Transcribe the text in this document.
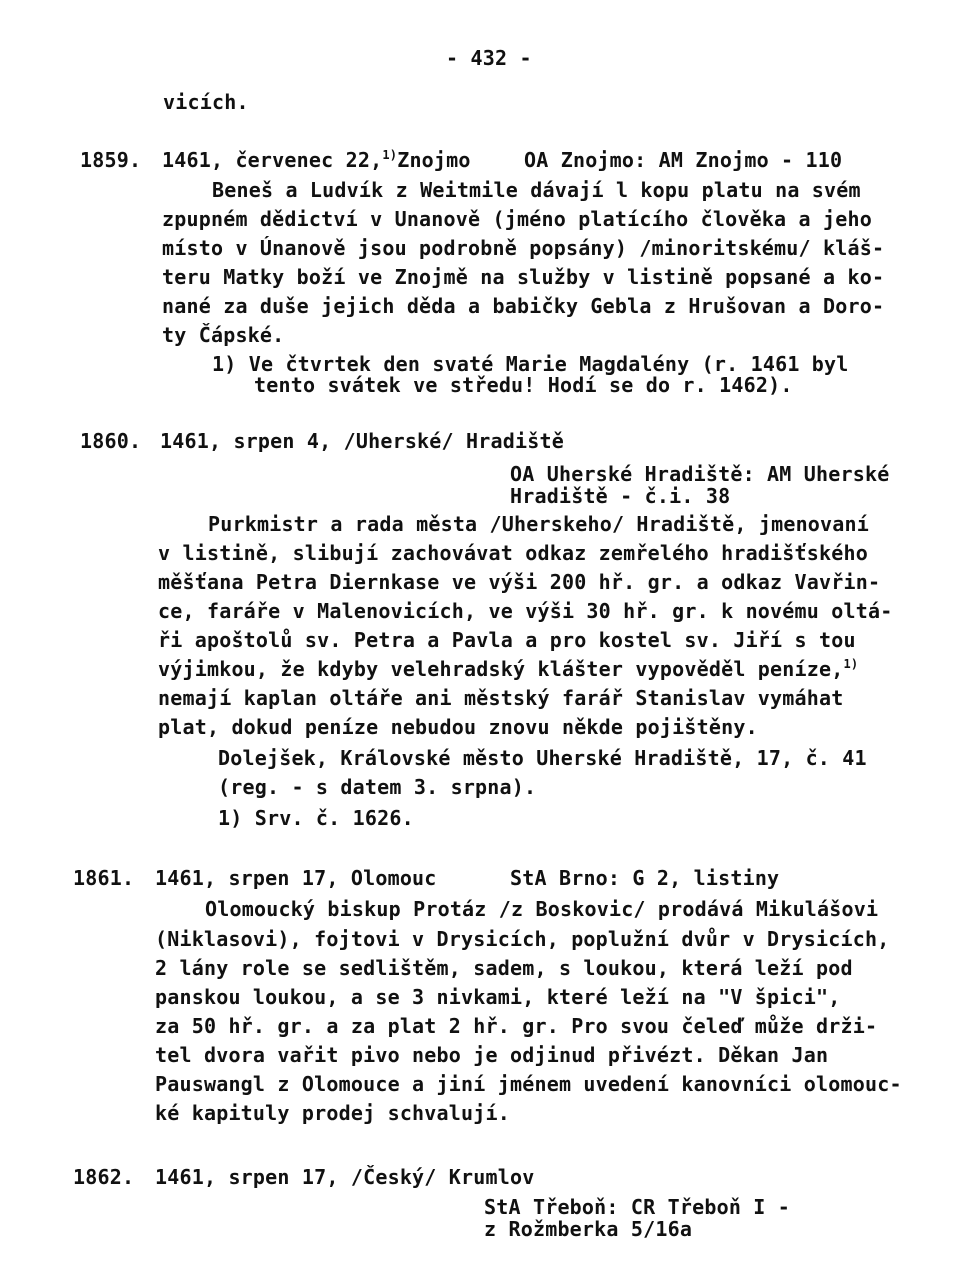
- 432 -
vicích.
1859. 1461, červenec 22,$^{1)}$Znojmo	OA Znojmo: AM Znojmo - 110
Beneš a Ludvík z Weitmile dávají l kopu platu na svém
zpupném dědictví v Unanově (jméno platícího člověka a jeho
místo v Únanově jsou podrobně popsány) /minoritskému/ kláš-
teru Matky boží ve Znojmě na služby v listině popsané a ko-
nané za duše jejich děda a babičky Gebla z Hrušovan a Doro-
ty Čápské.
1) Ve čtvrtek den svaté Marie Magdalény (r. 1461 byl
tento svátek ve středu! Hodí se do r. 1462).
1860. 1461, srpen 4, /Uherské/ Hradiště
OA Uherské Hradiště: AM Uherské
Hradiště - č.i. 38
Purkmistr a rada města /Uherskeho/ Hradiště, jmenovaní
v listině, slibují zachovávat odkaz zemřelého hradišťského
měšťana Petra Diernkase ve výši 200 hř. gr. a odkaz Vavřin-
ce, faráře v Malenovicích, ve výši 30 hř. gr. k novému oltá-
ři apoštolů sv. Petra a Pavla a pro kostel sv. Jiří s tou
výjimkou, že kdyby velehradský klášter vypověděl peníze,$^{1)}$
nemají kaplan oltáře ani městský farář Stanislav vymáhat
plat, dokud peníze nebudou znovu někde pojištěny.
Dolejšek, Královské město Uherské Hradiště, 17, č. 41
(reg. - s datem 3. srpna).
1) Srv. č. 1626.
1861. 1461, srpen 17, Olomouc	StA Brno: G 2, listiny
Olomoucký biskup Protáz /z Boskovic/ prodává Mikulášovi
(Niklasovi), fojtovi v Drysicích, poplužní dvůr v Drysicích,
2 lány role se sedlištěm, sadem, s loukou, která leží pod
panskou loukou, a se 3 nivkami, které leží na "V špici",
za 50 hř. gr. a za plat 2 hř. gr. Pro svou čeleď může drži-
tel dvora vařit pivo nebo je odjinud přivézt. Děkan Jan
Pauswangl z Olomouce a jiní jménem uvedení kanovníci olomouc-
ké kapituly prodej schvalují.
1862. 1461, srpen 17, /Český/ Krumlov
StA Třeboň: CR Třeboň I -
z Rožmberka 5/16a
